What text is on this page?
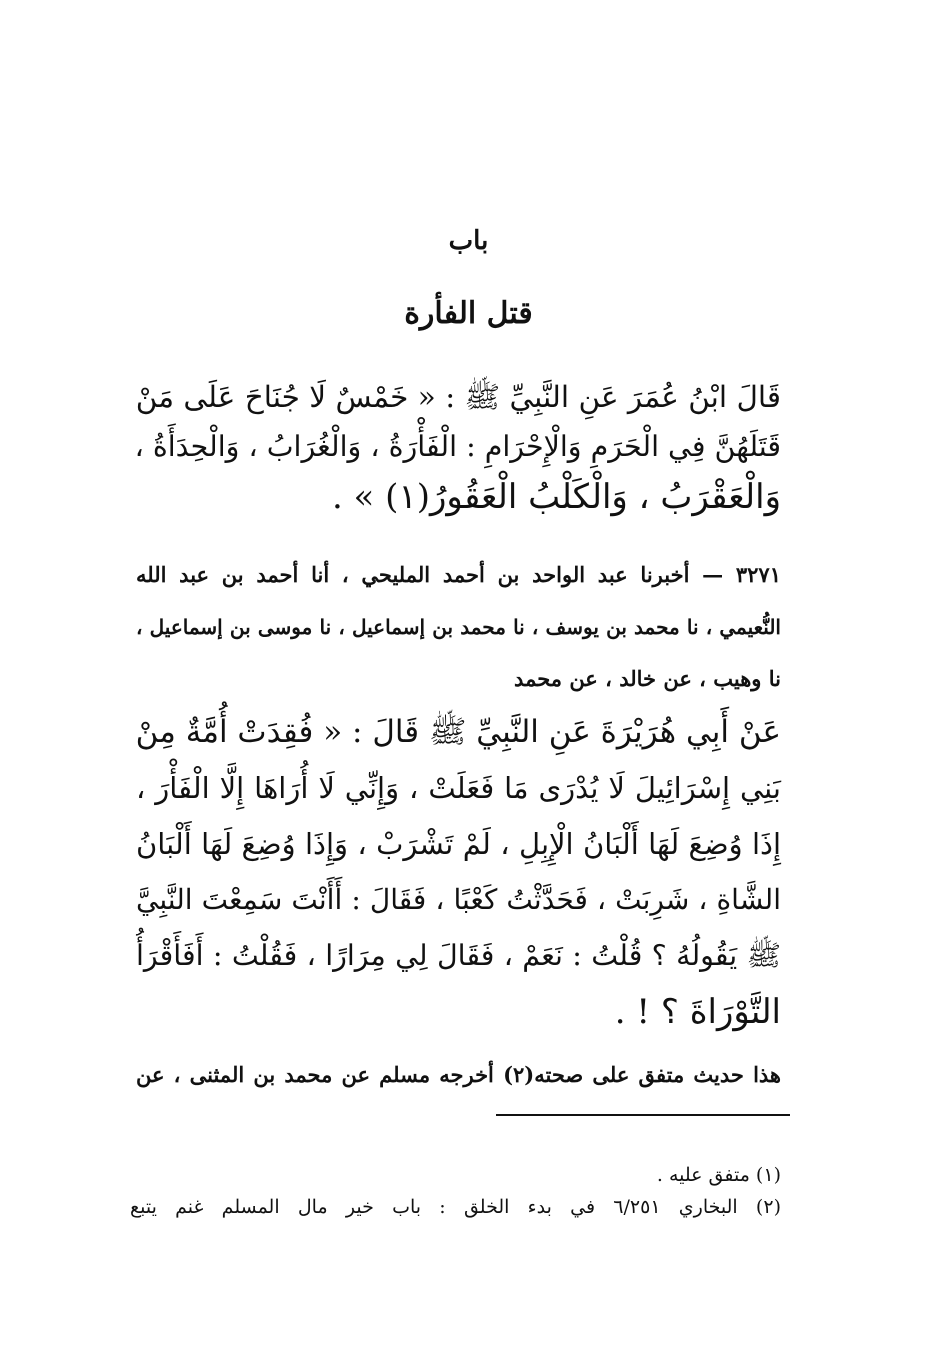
باب
قتل الفأرة
قَالَ ابْنُ عُمَرَ عَنِ النَّبِيِّ ﷺ : « خَمْسٌ لَا جُنَاحَ عَلَى مَنْ
قَتَلَهُنَّ فِي الْحَرَمِ وَالْإِحْرَامِ : الْفَأْرَةُ ، وَالْغُرَابُ ، وَالْحِدَأَةُ ،
وَالْعَقْرَبُ ، وَالْكَلْبُ الْعَقُورُ(١) » .
٣٢٧١ — أخبرنا عبد الواحد بن أحمد المليحي ، أنا أحمد بن عبد الله
النُّعيمي ، نا محمد بن يوسف ، نا محمد بن إسماعيل ، نا موسى بن إسماعيل ،
نا وهيب ، عن خالد ، عن محمد
عَنْ أَبِي هُرَيْرَةَ عَنِ النَّبِيِّ ﷺ قَالَ : « فُقِدَتْ أُمَّةٌ مِنْ
بَنِي إِسْرَائِيلَ لَا يُدْرَى مَا فَعَلَتْ ، وَإِنِّي لَا أُرَاهَا إِلَّا الْفَأْرَ ،
إِذَا وُضِعَ لَهَا أَلْبَانُ الْإِبِلِ ، لَمْ تَشْرَبْ ، وَإِذَا وُضِعَ لَهَا أَلْبَانُ
الشَّاةِ ، شَرِبَتْ ، فَحَدَّثْتُ كَعْبًا ، فَقَالَ : أَأَنْتَ سَمِعْتَ النَّبِيَّ
ﷺ يَقُولُهُ ؟ قُلْتُ : نَعَمْ ، فَقَالَ لِي مِرَارًا ، فَقُلْتُ : أَفَأَقْرَأُ
التَّوْرَاةَ ؟ ! .
هذا حديث متفق على صحته(٢) أخرجه مسلم عن محمد بن المثنى ، عن
(١) متفق عليه .
(٢) البخاري ٦/٢٥١ في بدء الخلق : باب خير مال المسلم غنم يتبع
